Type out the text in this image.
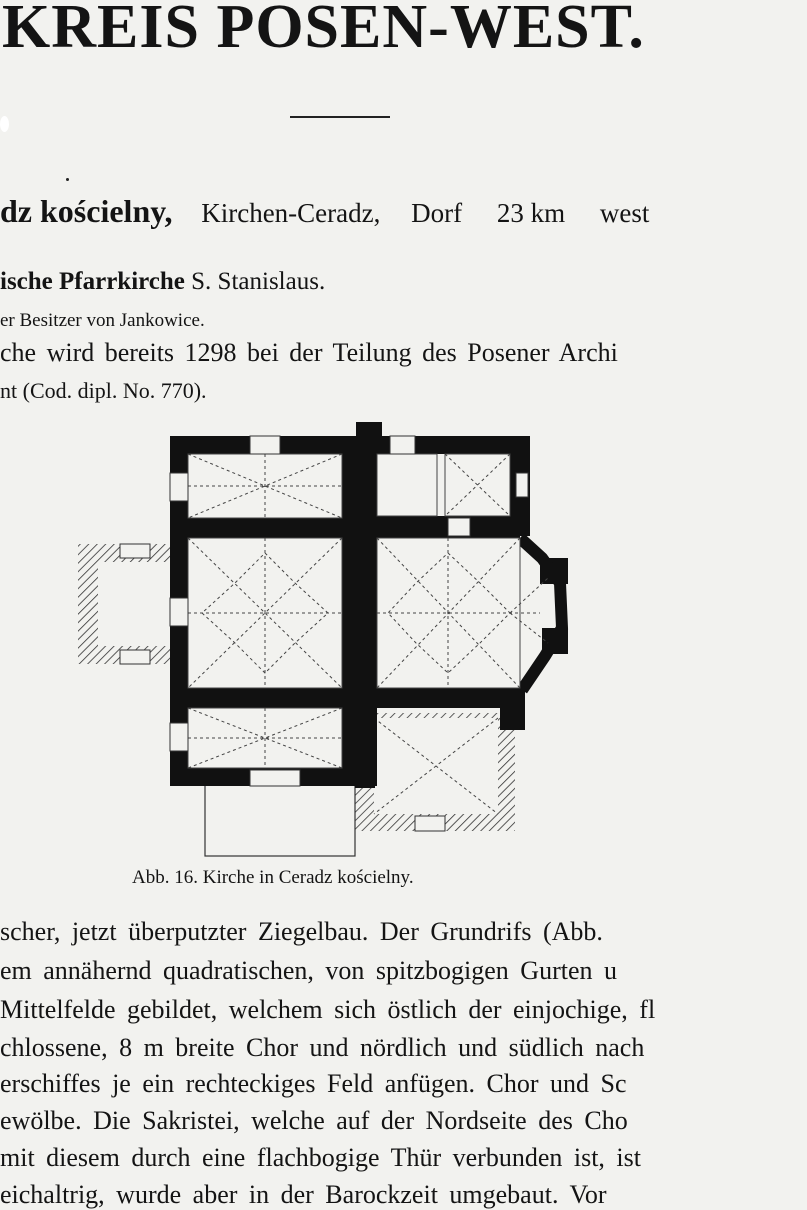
KREIS POSEN-WEST.
dz kościelny, Kirchen-Ceradz, Dorf 23 km west
ische Pfarrkirche S. Stanislaus.
er Besitzer von Jankowice.
che wird bereits 1298 bei der Teilung des Posener Archi
nt (Cod. dipl. No. 770).
Abb. 16. Kirche in Ceradz kościelny.
scher, jetzt überputzter Ziegelbau. Der Grundrifs (Abb.
em annähernd quadratischen, von spitzbogigen Gurten u
Mittelfelde gebildet, welchem sich östlich der einjochige, fl
chlossene, 8 m breite Chor und nördlich und südlich nach
erschiffes je ein rechteckiges Feld anfügen. Chor und Sc
ewölbe. Die Sakristei, welche auf der Nordseite des Cho
mit diesem durch eine flachbogige Thür verbunden ist, ist
eichaltrig, wurde aber in der Barockzeit umgebaut. Vor
